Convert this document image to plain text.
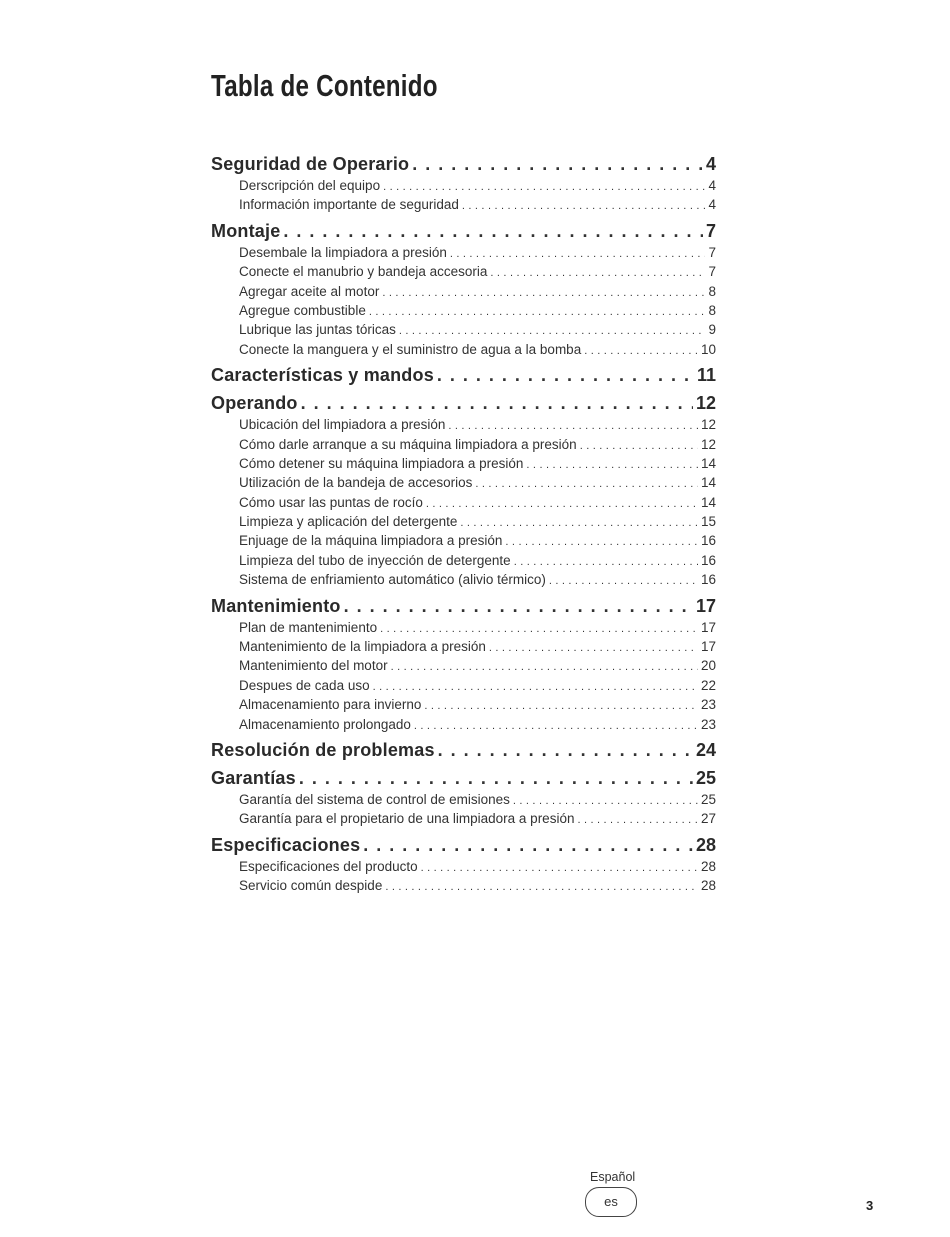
Tabla de Contenido
Seguridad de Operario . . .	4
Derscripción del equipo . . .	4
Información importante de seguridad . . .	4
Montaje . . .	7
Desembale la limpiadora a presión . . .	7
Conecte el manubrio y bandeja accesoria . . .	7
Agregar aceite al motor . . .	8
Agregue combustible . . .	8
Lubrique las juntas tóricas . . .	9
Conecte la manguera y el suministro de agua a la bomba . . .	10
Características y mandos . . .	11
Operando . . .	12
Ubicación del limpiadora a presión . . .	12
Cómo darle arranque a su máquina limpiadora a presión . . .	12
Cómo detener su máquina limpiadora a presión . . .	14
Utilización de la bandeja de accesorios . . .	14
Cómo usar las puntas de rocío . . .	14
Limpieza y aplicación del detergente . . .	15
Enjuage de la máquina limpiadora a presión . . .	16
Limpieza del tubo de inyección de detergente . . .	16
Sistema de enfriamiento automático (alivio térmico) . . .	16
Mantenimiento . . .	17
Plan de mantenimiento . . .	17
Mantenimiento de la limpiadora a presión . . .	17
Mantenimiento del motor . . .	20
Despues de cada uso . . .	22
Almacenamiento para invierno . . .	23
Almacenamiento prolongado . . .	23
Resolución de problemas . . .	24
Garantías . . .	25
Garantía del sistema de control de emisiones . . .	25
Garantía para el propietario de una limpiadora a presión . . .	27
Especificaciones . . .	28
Especificaciones del producto . . .	28
Servicio común despide . . .	28
Español
es	3
